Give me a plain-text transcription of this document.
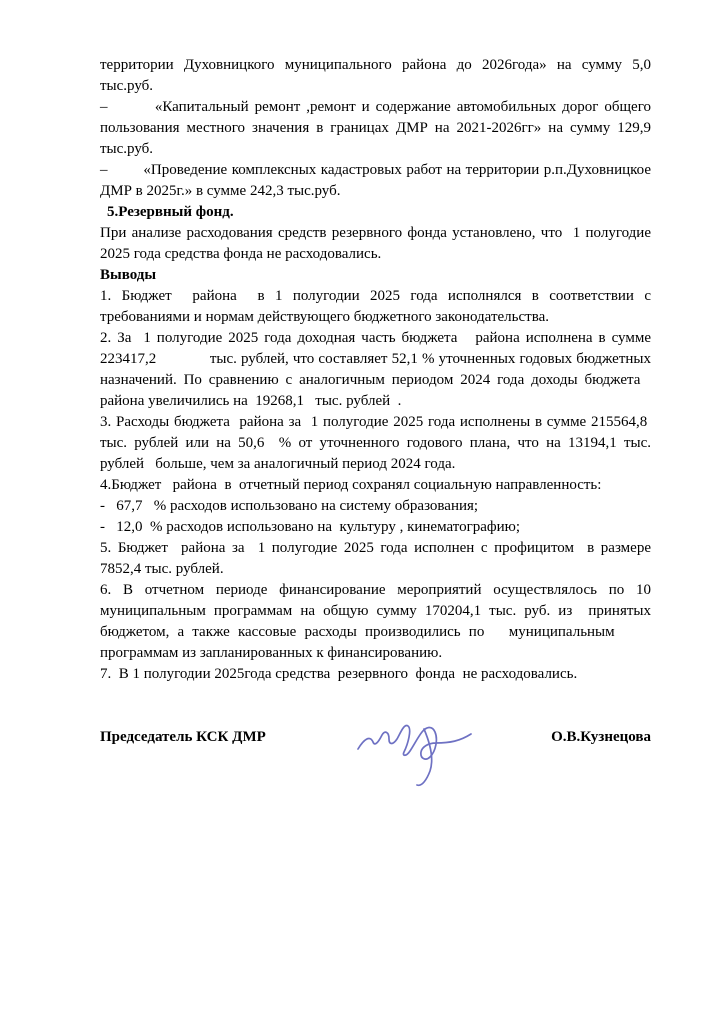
территории Духовницкого муниципального района до 2026года» на сумму 5,0 тыс.руб.

–        «Капитальный ремонт ,ремонт и содержание автомобильных дорог общего пользования местного значения в границах ДМР на 2021-2026гг» на сумму 129,9 тыс.руб.

–        «Проведение комплексных кадастровых работ на территории р.п.Духовницкое ДМР в 2025г.» в сумме 242,3 тыс.руб.

5.Резервный фонд.

При анализе расходования средств резервного фонда установлено, что  1 полугодие 2025 года средства фонда не расходовались.

Выводы

1. Бюджет  района  в 1 полугодии 2025 года исполнялся в соответствии с требованиями и нормам действующего бюджетного законодательства.

2. За  1 полугодие 2025 года доходная часть бюджета   района исполнена в сумме 223417,2             тыс. рублей, что составляет 52,1 % уточненных годовых бюджетных назначений. По сравнению с аналогичным периодом 2024 года доходы бюджета   района увеличились на  19268,1   тыс. рублей  .

3. Расходы бюджета  района за  1 полугодие 2025 года исполнены в сумме 215564,8  тыс. рублей или на 50,6  % от уточненного годового плана, что на 13194,1 тыс. рублей   больше, чем за аналогичный период 2024 года.

4.Бюджет   района  в  отчетный период сохранял социальную направленность:

-   67,7   % расходов использовано на систему образования;

-   12,0  % расходов использовано на  культуру , кинематографию;

5. Бюджет  района за  1 полугодие 2025 года исполнен с профицитом  в размере 7852,4 тыс. рублей.

6.  В  отчетном  периоде  финансирование  мероприятий  осуществлялось  по  10 муниципальным программам на общую сумму 170204,1 тыс. руб. из  принятых бюджетом, а также кассовые расходы производились по   муниципальным      программам из запланированных к финансированию.

7.  В 1 полугодии 2025года средства  резервного  фонда  не расходовались.

Председатель КСК ДМР	О.В.Кузнецова
